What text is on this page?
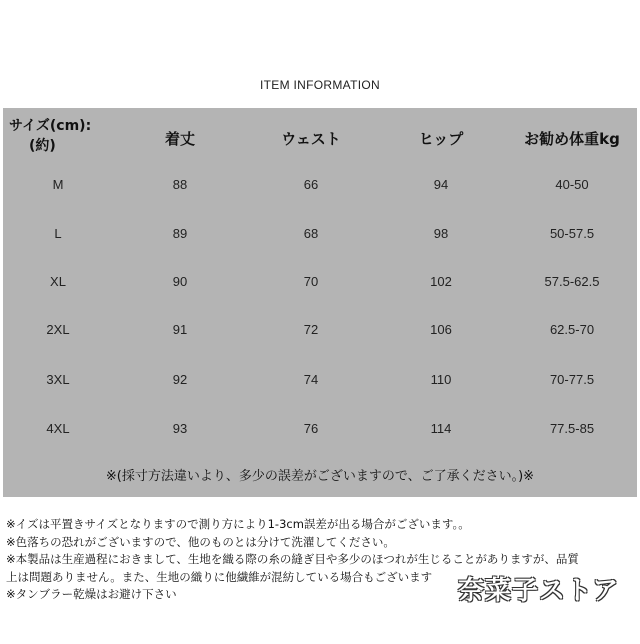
ITEM INFORMATION
サイズ(cm):
(約)	着丈	ウェスト	ヒップ	お勧め体重kg
M	88	66	94	40-50
L	89	68	98	50-57.5
XL	90	70	102	57.5-62.5
2XL	91	72	106	62.5-70
3XL	92	74	110	70-77.5
4XL	93	76	114	77.5-85
※(採寸方法違いより、多少の誤差がございますので、ご了承ください。)※
※イズは平置きサイズとなりますので測り方により1-3cm誤差が出る場合がございます。。
※色落ちの恐れがございますので、他のものとは分けて洗濯してください。
※本製品は生産過程におきまして、生地を織る際の糸の縫ぎ目や多少のほつれが生じることがありますが、品質
上は問題ありません。また、生地の織りに他繊維が混紡している場合もございます
※タンブラー乾燥はお避け下さい	奈菜子ストア
